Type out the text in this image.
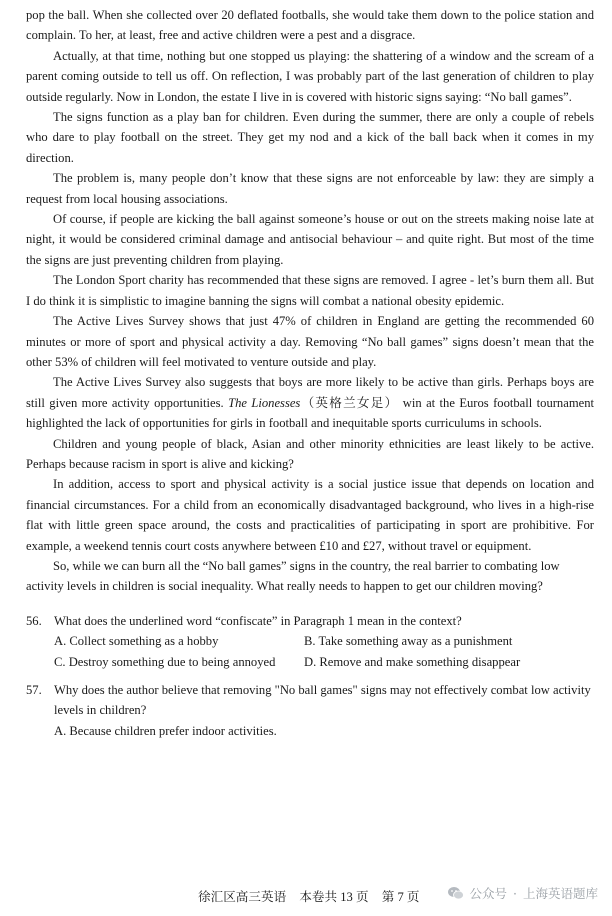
pop the ball. When she collected over 20 deflated footballs, she would take them down to the police station and complain. To her, at least, free and active children were a pest and a disgrace.

Actually, at that time, nothing but one stopped us playing: the shattering of a window and the scream of a parent coming outside to tell us off. On reflection, I was probably part of the last generation of children to play outside regularly. Now in London, the estate I live in is covered with historic signs saying: “No ball games”.

The signs function as a play ban for children. Even during the summer, there are only a couple of rebels who dare to play football on the street. They get my nod and a kick of the ball back when it comes in my direction.

The problem is, many people don’t know that these signs are not enforceable by law: they are simply a request from local housing associations.

Of course, if people are kicking the ball against someone’s house or out on the streets making noise late at night, it would be considered criminal damage and antisocial behaviour – and quite right. But most of the time the signs are just preventing children from playing.

The London Sport charity has recommended that these signs are removed. I agree - let’s burn them all. But I do think it is simplistic to imagine banning the signs will combat a national obesity epidemic.

The Active Lives Survey shows that just 47% of children in England are getting the recommended 60 minutes or more of sport and physical activity a day. Removing “No ball games” signs doesn’t mean that the other 53% of children will feel motivated to venture outside and play.

The Active Lives Survey also suggests that boys are more likely to be active than girls. Perhaps boys are still given more activity opportunities. The Lionesses（英格兰女足） win at the Euros football tournament highlighted the lack of opportunities for girls in football and inequitable sports curriculums in schools.

Children and young people of black, Asian and other minority ethnicities are least likely to be active. Perhaps because racism in sport is alive and kicking?

In addition, access to sport and physical activity is a social justice issue that depends on location and financial circumstances. For a child from an economically disadvantaged background, who lives in a high-rise flat with little green space around, the costs and practicalities of participating in sport are prohibitive. For example, a weekend tennis court costs anywhere between £10 and £27, without travel or equipment.

So, while we can burn all the “No ball games” signs in the country, the real barrier to combating low activity levels in children is social inequality. What really needs to happen to get our children moving?

56. What does the underlined word “confiscate” in Paragraph 1 mean in the context?
A. Collect something as a hobby	B. Take something away as a punishment
C. Destroy something due to being annoyed	D. Remove and make something disappear
57. Why does the author believe that removing "No ball games" signs may not effectively combat low activity levels in children?
A. Because children prefer indoor activities.
徐汇区高三英语 本卷共 13 页 第 7 页	公众号 · 上海英语题库
